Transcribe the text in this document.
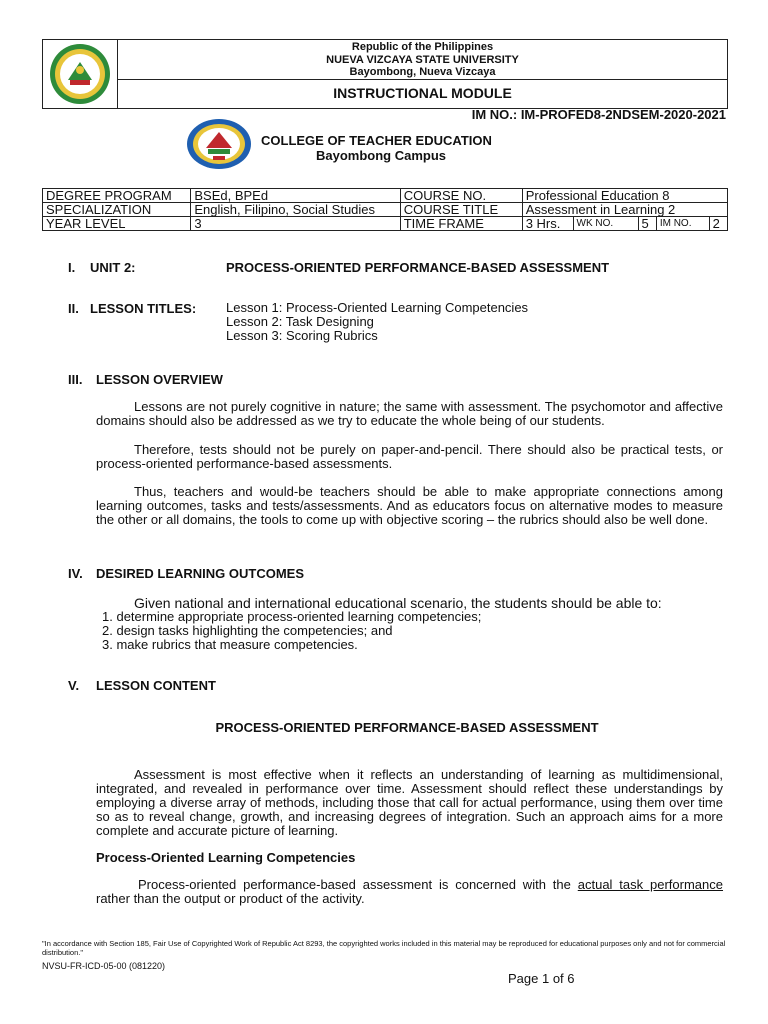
Republic of the Philippines
NUEVA VIZCAYA STATE UNIVERSITY
Bayombong, Nueva Vizcaya
INSTRUCTIONAL MODULE
IM NO.: IM-PROFED8-2NDSEM-2020-2021
COLLEGE OF TEACHER EDUCATION
Bayombong Campus
DEGREE PROGRAM	BSEd, BPEd	COURSE NO.	Professional Education 8				
SPECIALIZATION	English, Filipino, Social Studies	COURSE TITLE	Assessment in Learning 2				
YEAR LEVEL	3	TIME FRAME	3 Hrs.	WK NO.	5	IM NO.	2
I. UNIT 2:	PROCESS-ORIENTED PERFORMANCE-BASED ASSESSMENT
II. LESSON TITLES: Lesson 1: Process-Oriented Learning Competencies
Lesson 2: Task Designing
Lesson 3: Scoring Rubrics
III. LESSON OVERVIEW
Lessons are not purely cognitive in nature; the same with assessment. The psychomotor and affective domains should also be addressed as we try to educate the whole being of our students.
Therefore, tests should not be purely on paper-and-pencil. There should also be practical tests, or process-oriented performance-based assessments.
Thus, teachers and would-be teachers should be able to make appropriate connections among learning outcomes, tasks and tests/assessments. And as educators focus on alternative modes to measure the other or all domains, the tools to come up with objective scoring – the rubrics should also be well done.
IV. DESIRED LEARNING OUTCOMES
Given national and international educational scenario, the students should be able to:
1. determine appropriate process-oriented learning competencies;
2. design tasks highlighting the competencies; and
3. make rubrics that measure competencies.
V. LESSON CONTENT
PROCESS-ORIENTED PERFORMANCE-BASED ASSESSMENT
Assessment is most effective when it reflects an understanding of learning as multidimensional, integrated, and revealed in performance over time. Assessment should reflect these understandings by employing a diverse array of methods, including those that call for actual performance, using them over time so as to reveal change, growth, and increasing degrees of integration. Such an approach aims for a more complete and accurate picture of learning.
Process-Oriented Learning Competencies
Process-oriented performance-based assessment is concerned with the actual task performance rather than the output or product of the activity.
"In accordance with Section 185, Fair Use of Copyrighted Work of Republic Act 8293, the copyrighted works included in this material may be reproduced for educational purposes only and not for commercial distribution."
NVSU-FR-ICD-05-00 (081220)
Page 1 of 6
